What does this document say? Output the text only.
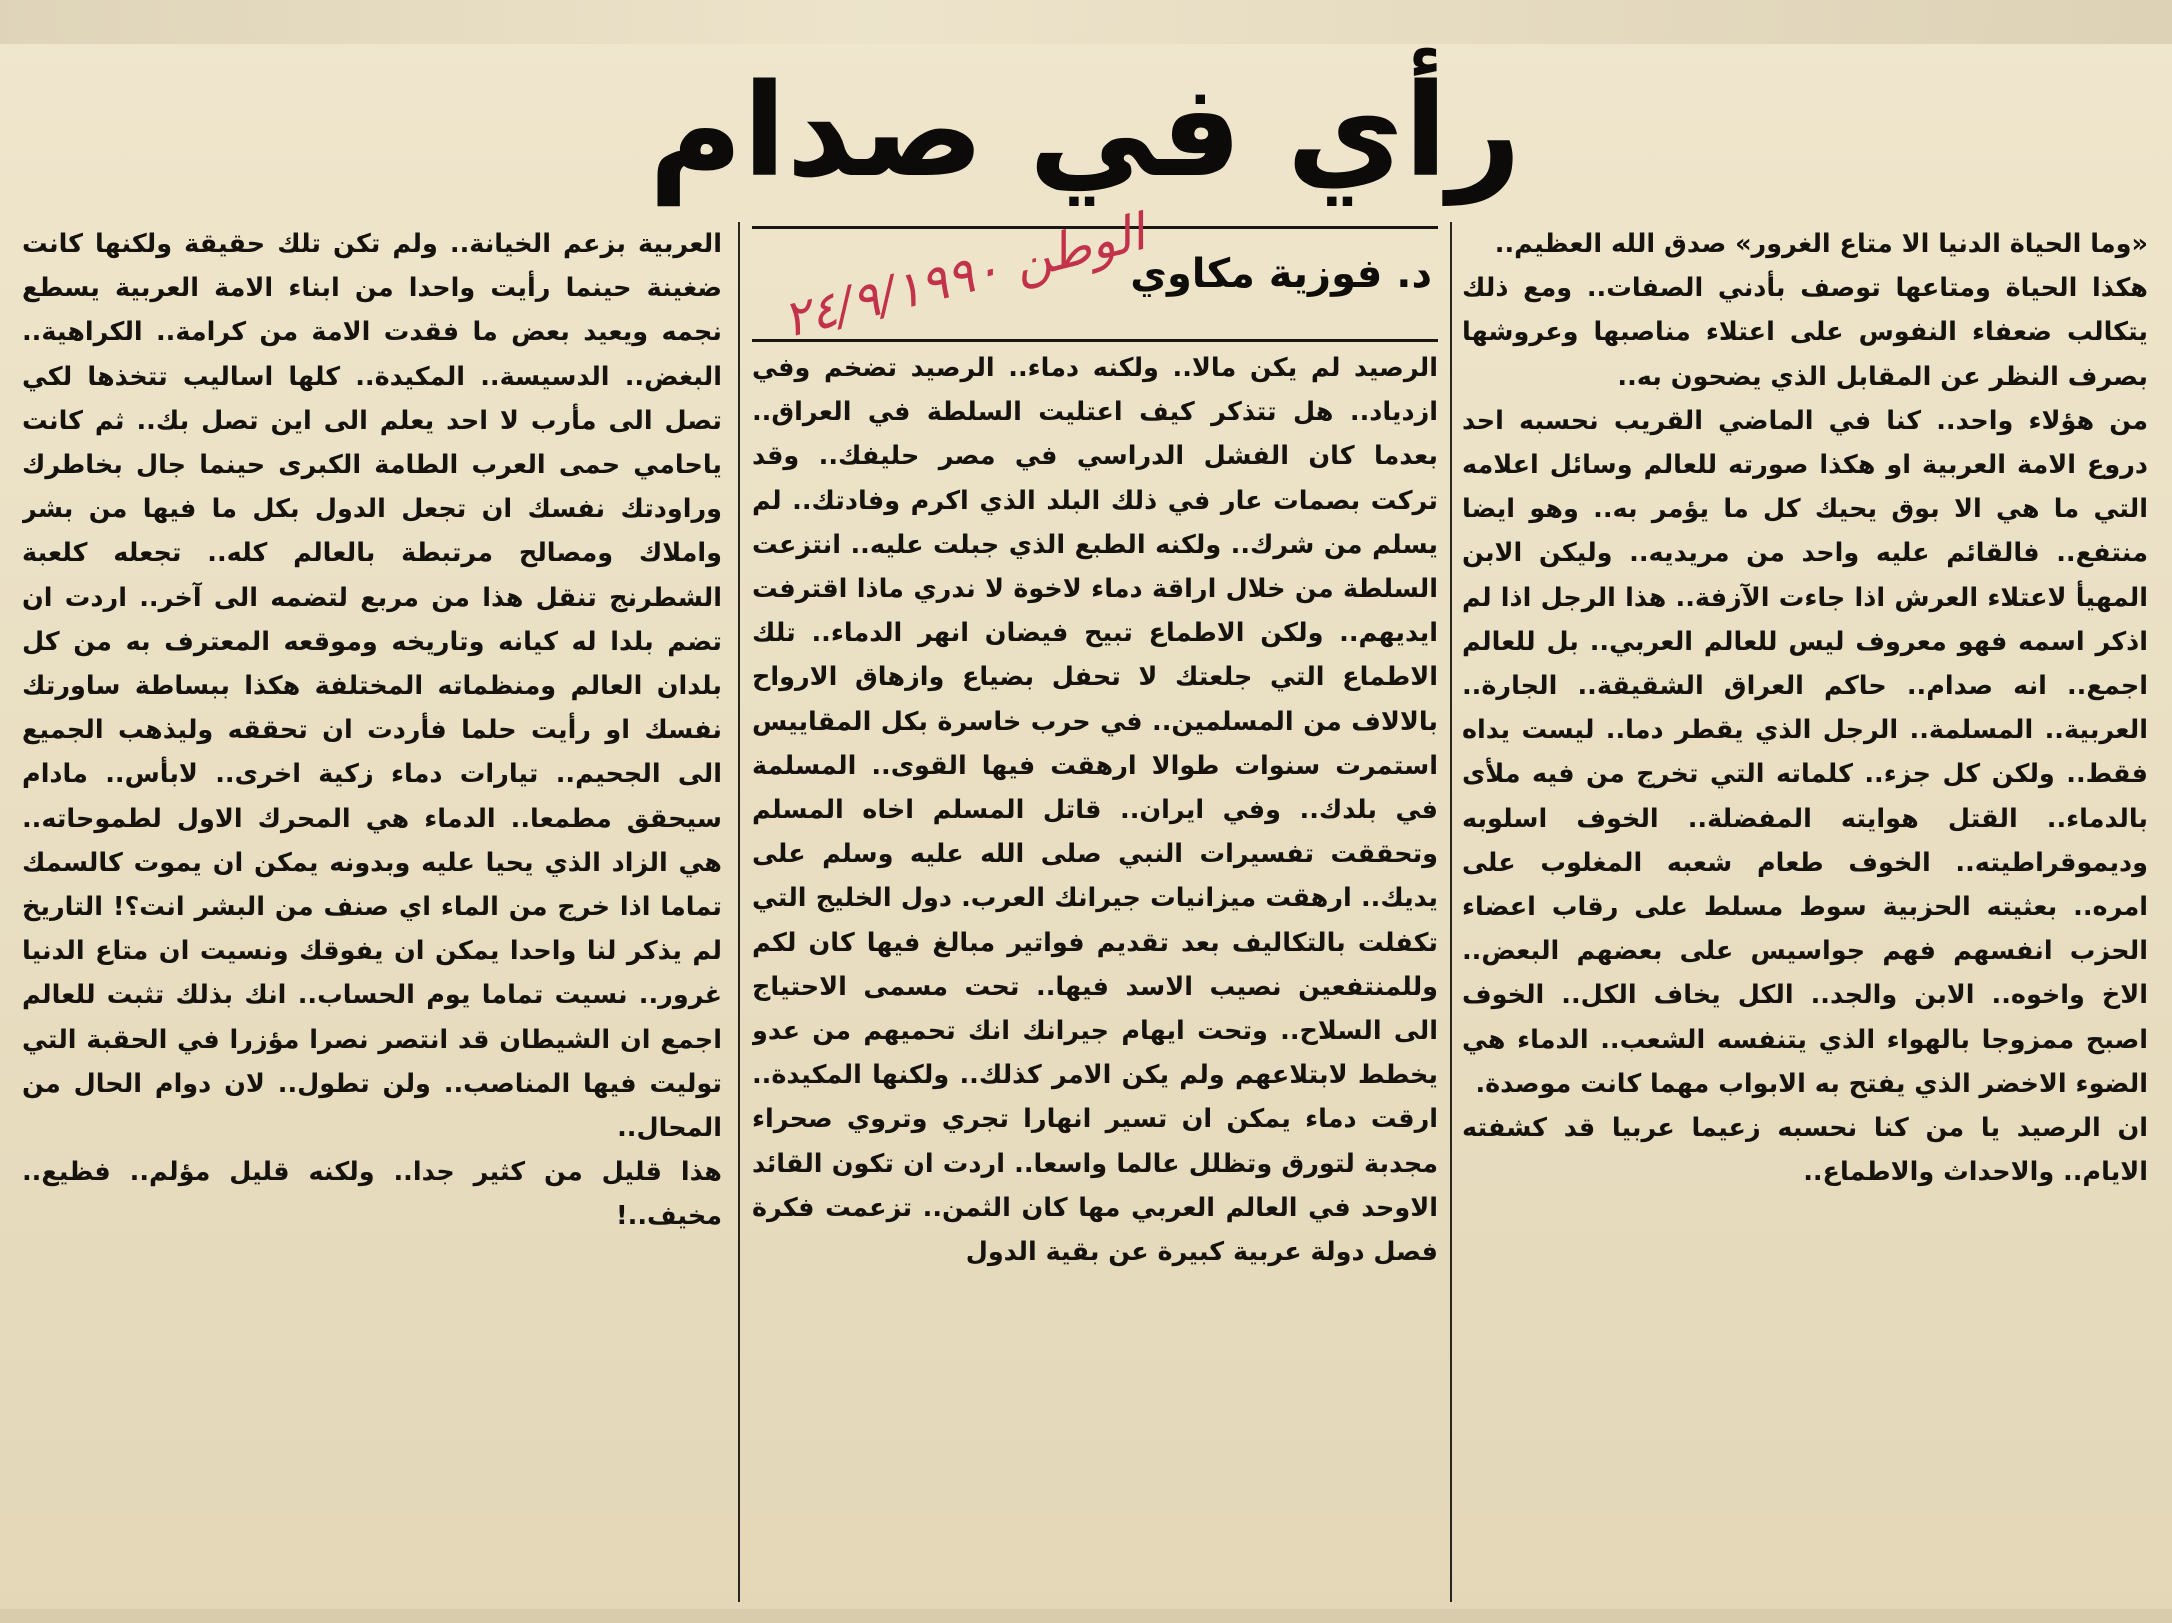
رأي في صدام

«وما الحياة الدنيا الا متاع الغرور» صدق الله العظيم..

هكذا الحياة ومتاعها توصف بأدني الصفات.. ومع ذلك يتكالب ضعفاء النفوس على اعتلاء مناصبها وعروشها بصرف النظر عن المقابل الذي يضحون به..

من هؤلاء واحد.. كنا في الماضي القريب نحسبه احد دروع الامة العربية او هكذا صورته للعالم وسائل اعلامه التي ما هي الا بوق يحيك كل ما يؤمر به.. وهو ايضا منتفع.. فالقائم عليه واحد من مريديه.. وليكن الابن المهيأ لاعتلاء العرش اذا جاءت الآزفة.. هذا الرجل اذا لم اذكر اسمه فهو معروف ليس للعالم العربي.. بل للعالم اجمع.. انه صدام.. حاكم العراق الشقيقة.. الجارة.. العربية.. المسلمة.. الرجل الذي يقطر دما.. ليست يداه فقط.. ولكن كل جزء.. كلماته التي تخرج من فيه ملأى بالدماء.. القتل هوايته المفضلة.. الخوف اسلوبه وديموقراطيته.. الخوف طعام شعبه المغلوب على امره.. بعثيته الحزبية سوط مسلط على رقاب اعضاء الحزب انفسهم فهم جواسيس على بعضهم البعض.. الاخ واخوه.. الابن والجد.. الكل يخاف الكل.. الخوف اصبح ممزوجا بالهواء الذي يتنفسه الشعب.. الدماء هي الضوء الاخضر الذي يفتح به الابواب مهما كانت موصدة.

ان الرصيد يا من كنا نحسبه زعيما عربيا قد كشفته الايام.. والاحداث والاطماع..

د. فوزية مكاوي
الوطن ٢٤/٩/١٩٩٠

الرصيد لم يكن مالا.. ولكنه دماء.. الرصيد تضخم وفي ازدياد.. هل تتذكر كيف اعتليت السلطة في العراق.. بعدما كان الفشل الدراسي في مصر حليفك.. وقد تركت بصمات عار في ذلك البلد الذي اكرم وفادتك.. لم يسلم من شرك.. ولكنه الطبع الذي جبلت عليه.. انتزعت السلطة من خلال اراقة دماء لاخوة لا ندري ماذا اقترفت ايديهم.. ولكن الاطماع تبيح فيضان انهر الدماء.. تلك الاطماع التي جلعتك لا تحفل بضياع وازهاق الارواح بالالاف من المسلمين.. في حرب خاسرة بكل المقاييس استمرت سنوات طوالا ارهقت فيها القوى.. المسلمة في بلدك.. وفي ايران.. قاتل المسلم اخاه المسلم وتحققت تفسيرات النبي صلى الله عليه وسلم على يديك.. ارهقت ميزانيات جيرانك العرب. دول الخليج التي تكفلت بالتكاليف بعد تقديم فواتير مبالغ فيها كان لكم وللمنتفعين نصيب الاسد فيها.. تحت مسمى الاحتياج الى السلاح.. وتحت ايهام جيرانك انك تحميهم من عدو يخطط لابتلاعهم ولم يكن الامر كذلك.. ولكنها المكيدة.. ارقت دماء يمكن ان تسير انهارا تجري وتروي صحراء مجدبة لتورق وتظلل عالما واسعا.. اردت ان تكون القائد الاوحد في العالم العربي مها كان الثمن.. تزعمت فكرة فصل دولة عربية كبيرة عن بقية الدول

العربية بزعم الخيانة.. ولم تكن تلك حقيقة ولكنها كانت ضغينة حينما رأيت واحدا من ابناء الامة العربية يسطع نجمه ويعيد بعض ما فقدت الامة من كرامة.. الكراهية.. البغض.. الدسيسة.. المكيدة.. كلها اساليب تتخذها لكي تصل الى مأرب لا احد يعلم الى اين تصل بك.. ثم كانت ياحامي حمى العرب الطامة الكبرى حينما جال بخاطرك وراودتك نفسك ان تجعل الدول بكل ما فيها من بشر واملاك ومصالح مرتبطة بالعالم كله.. تجعله كلعبة الشطرنج تنقل هذا من مربع لتضمه الى آخر.. اردت ان تضم بلدا له كيانه وتاريخه وموقعه المعترف به من كل بلدان العالم ومنظماته المختلفة هكذا ببساطة ساورتك نفسك او رأيت حلما فأردت ان تحققه وليذهب الجميع الى الجحيم.. تيارات دماء زكية اخرى.. لابأس.. مادام سيحقق مطمعا.. الدماء هي المحرك الاول لطموحاته.. هي الزاد الذي يحيا عليه وبدونه يمكن ان يموت كالسمك تماما اذا خرج من الماء اي صنف من البشر انت؟! التاريخ لم يذكر لنا واحدا يمكن ان يفوقك ونسيت ان متاع الدنيا غرور.. نسيت تماما يوم الحساب.. انك بذلك تثبت للعالم اجمع ان الشيطان قد انتصر نصرا مؤزرا في الحقبة التي توليت فيها المناصب.. ولن تطول.. لان دوام الحال من المحال..

هذا قليل من كثير جدا.. ولكنه قليل مؤلم.. فظيع.. مخيف..!
